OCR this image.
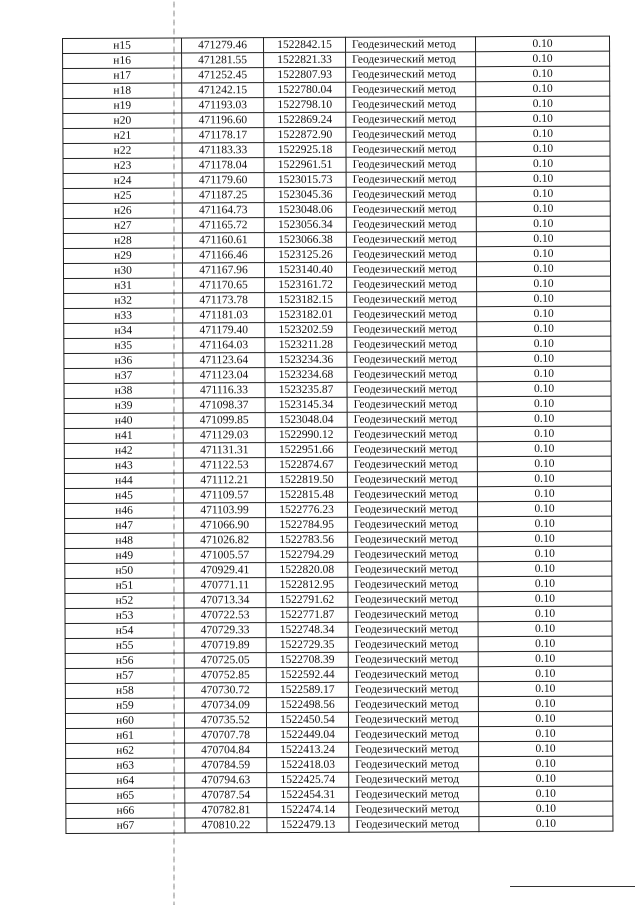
н15	471279.46	1522842.15	Геодезический метод	0.10
н16	471281.55	1522821.33	Геодезический метод	0.10
н17	471252.45	1522807.93	Геодезический метод	0.10
н18	471242.15	1522780.04	Геодезический метод	0.10
н19	471193.03	1522798.10	Геодезический метод	0.10
н20	471196.60	1522869.24	Геодезический метод	0.10
н21	471178.17	1522872.90	Геодезический метод	0.10
н22	471183.33	1522925.18	Геодезический метод	0.10
н23	471178.04	1522961.51	Геодезический метод	0.10
н24	471179.60	1523015.73	Геодезический метод	0.10
н25	471187.25	1523045.36	Геодезический метод	0.10
н26	471164.73	1523048.06	Геодезический метод	0.10
н27	471165.72	1523056.34	Геодезический метод	0.10
н28	471160.61	1523066.38	Геодезический метод	0.10
н29	471166.46	1523125.26	Геодезический метод	0.10
н30	471167.96	1523140.40	Геодезический метод	0.10
н31	471170.65	1523161.72	Геодезический метод	0.10
н32	471173.78	1523182.15	Геодезический метод	0.10
н33	471181.03	1523182.01	Геодезический метод	0.10
н34	471179.40	1523202.59	Геодезический метод	0.10
н35	471164.03	1523211.28	Геодезический метод	0.10
н36	471123.64	1523234.36	Геодезический метод	0.10
н37	471123.04	1523234.68	Геодезический метод	0.10
н38	471116.33	1523235.87	Геодезический метод	0.10
н39	471098.37	1523145.34	Геодезический метод	0.10
н40	471099.85	1523048.04	Геодезический метод	0.10
н41	471129.03	1522990.12	Геодезический метод	0.10
н42	471131.31	1522951.66	Геодезический метод	0.10
н43	471122.53	1522874.67	Геодезический метод	0.10
н44	471112.21	1522819.50	Геодезический метод	0.10
н45	471109.57	1522815.48	Геодезический метод	0.10
н46	471103.99	1522776.23	Геодезический метод	0.10
н47	471066.90	1522784.95	Геодезический метод	0.10
н48	471026.82	1522783.56	Геодезический метод	0.10
н49	471005.57	1522794.29	Геодезический метод	0.10
н50	470929.41	1522820.08	Геодезический метод	0.10
н51	470771.11	1522812.95	Геодезический метод	0.10
н52	470713.34	1522791.62	Геодезический метод	0.10
н53	470722.53	1522771.87	Геодезический метод	0.10
н54	470729.33	1522748.34	Геодезический метод	0.10
н55	470719.89	1522729.35	Геодезический метод	0.10
н56	470725.05	1522708.39	Геодезический метод	0.10
н57	470752.85	1522592.44	Геодезический метод	0.10
н58	470730.72	1522589.17	Геодезический метод	0.10
н59	470734.09	1522498.56	Геодезический метод	0.10
н60	470735.52	1522450.54	Геодезический метод	0.10
н61	470707.78	1522449.04	Геодезический метод	0.10
н62	470704.84	1522413.24	Геодезический метод	0.10
н63	470784.59	1522418.03	Геодезический метод	0.10
н64	470794.63	1522425.74	Геодезический метод	0.10
н65	470787.54	1522454.31	Геодезический метод	0.10
н66	470782.81	1522474.14	Геодезический метод	0.10
н67	470810.22	1522479.13	Геодезический метод	0.10
